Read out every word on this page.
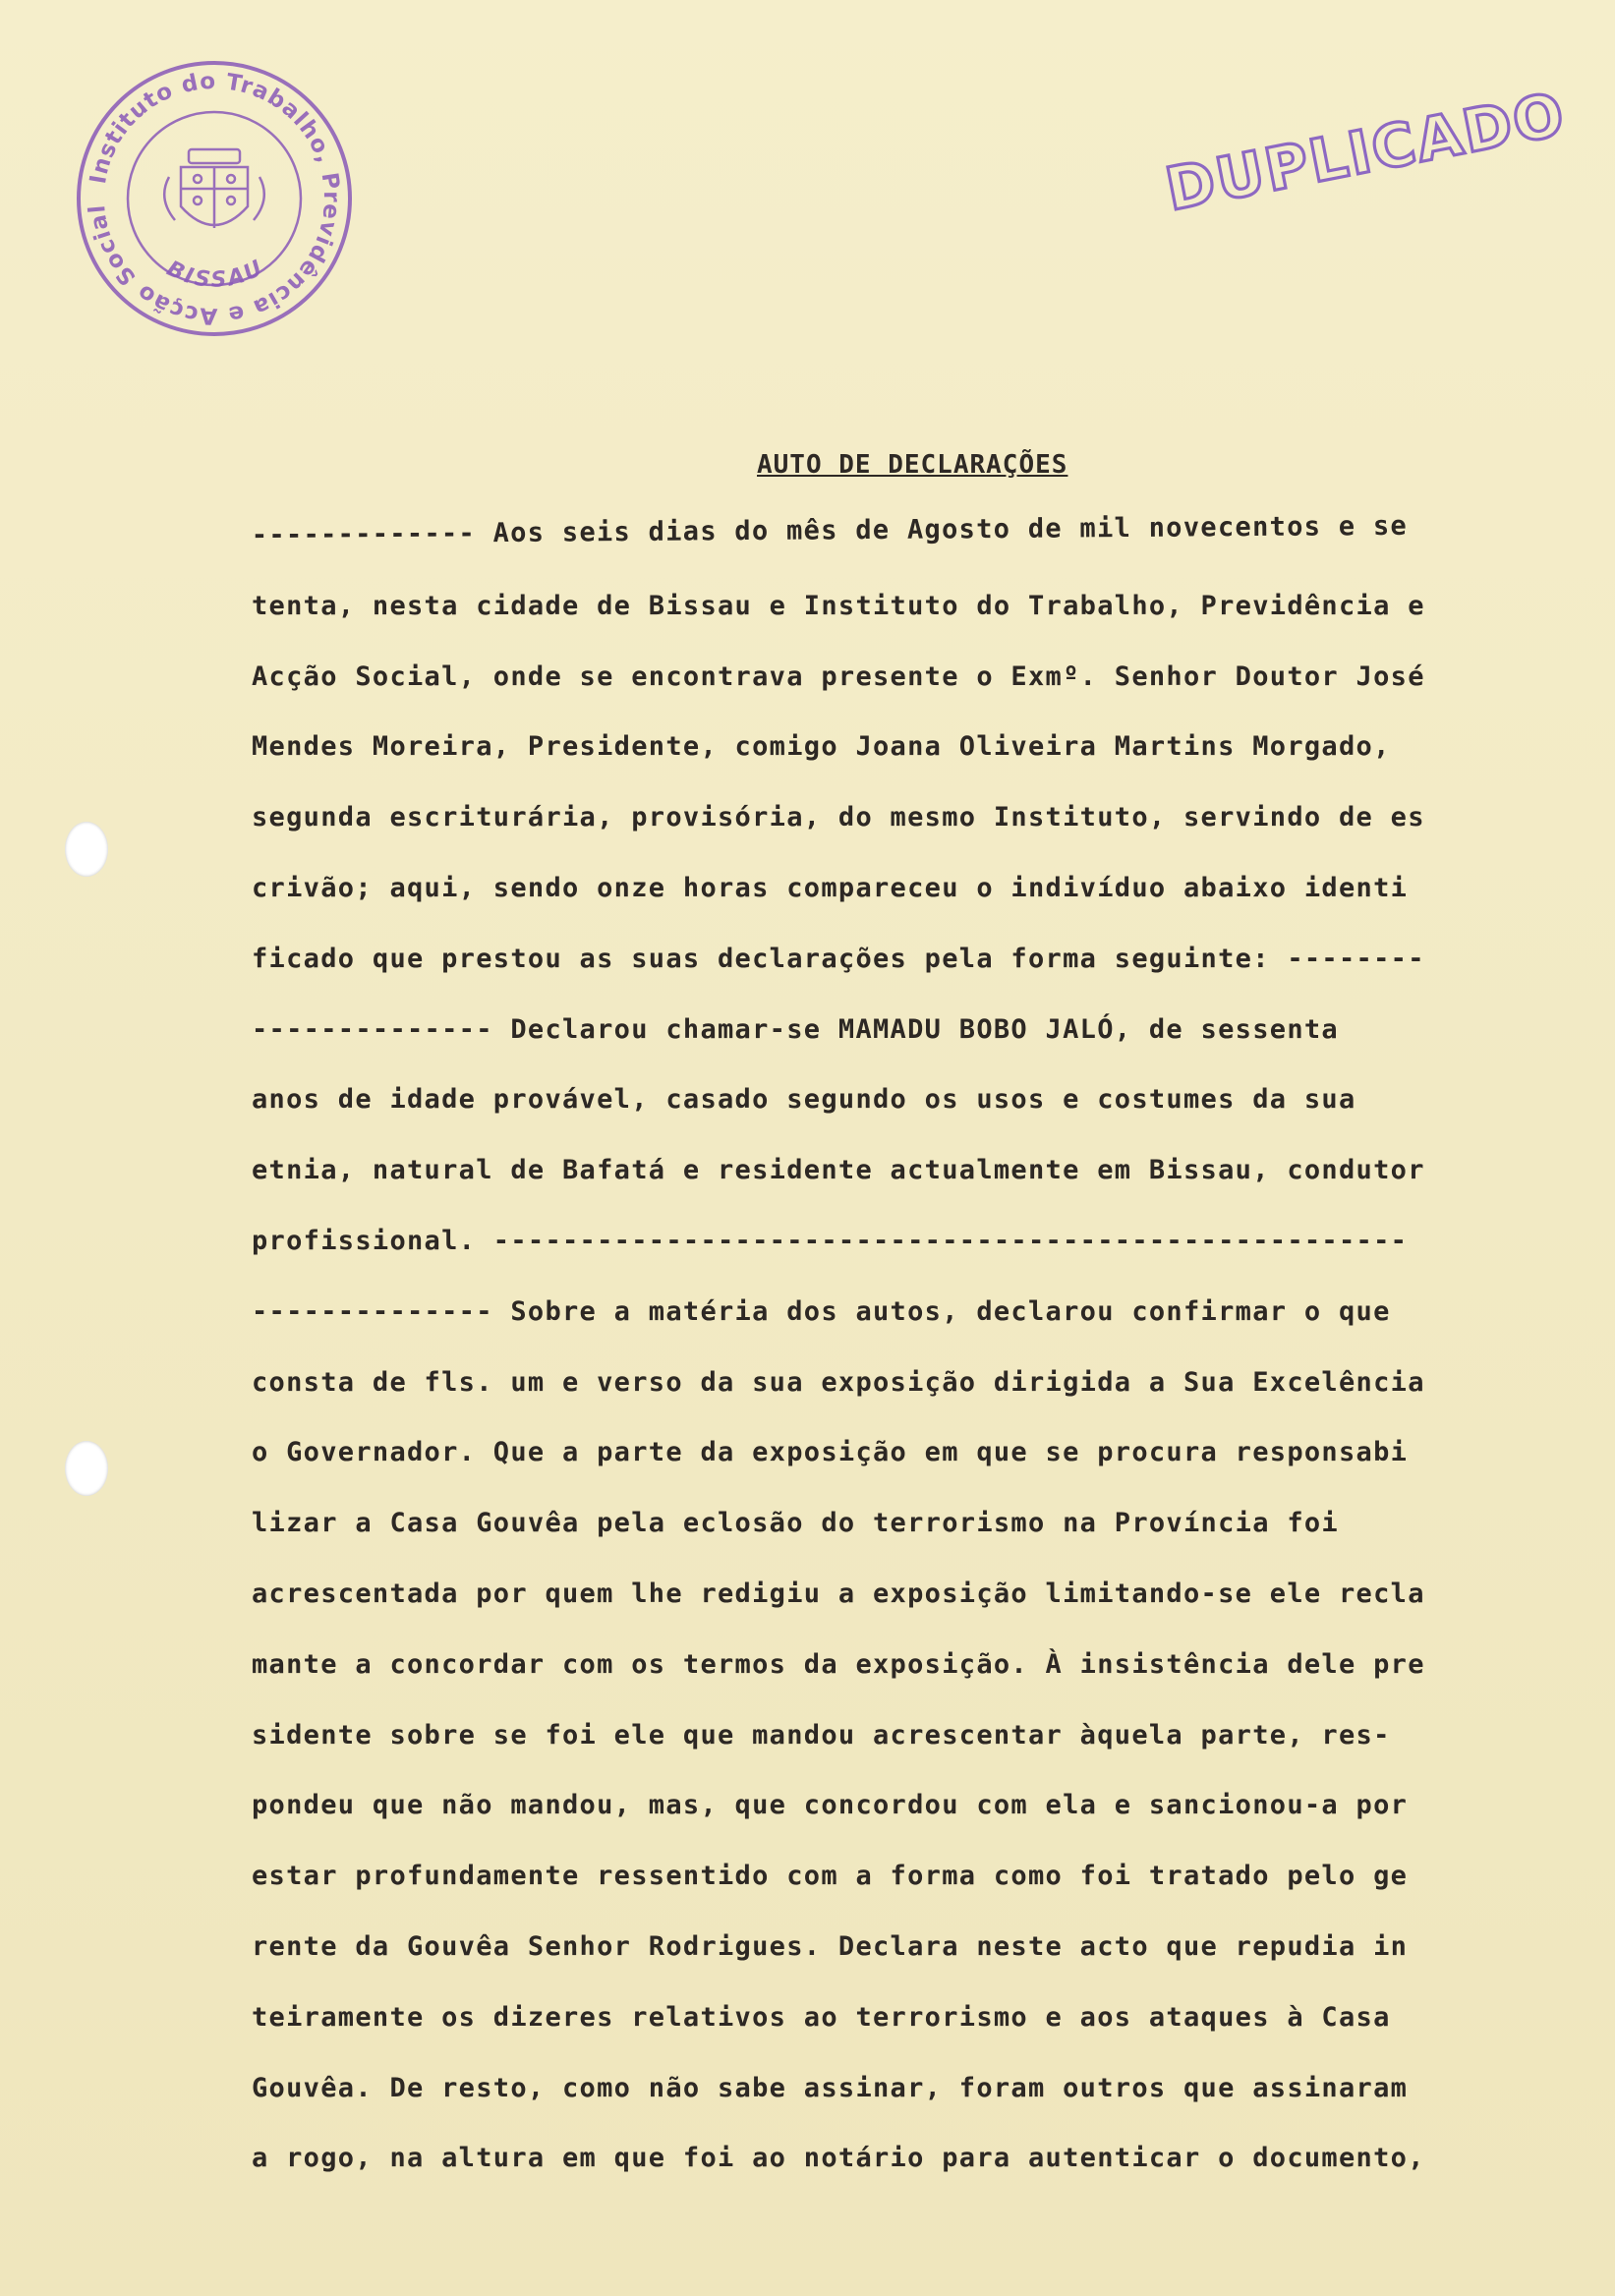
Instituto do Trabalho, Previdência e Acção Social
BISSAU
DUPLICADO
AUTO DE DECLARAÇÕES
------------- Aos seis dias do mês de Agosto de mil novecentos e se
tenta, nesta cidade de Bissau e Instituto do Trabalho, Previdência e
Acção Social, onde se encontrava presente o Exmº. Senhor Doutor José
Mendes Moreira, Presidente, comigo Joana Oliveira Martins Morgado,
segunda escriturária, provisória, do mesmo Instituto, servindo de es
crivão; aqui, sendo onze horas compareceu o indivíduo abaixo identi
ficado que prestou as suas declarações pela forma seguinte: --------
-------------- Declarou chamar-se MAMADU BOBO JALÓ, de sessenta
anos de idade provável, casado segundo os usos e costumes da sua
etnia, natural de Bafatá e residente actualmente em Bissau, condutor
profissional. -----------------------------------------------------
-------------- Sobre a matéria dos autos, declarou confirmar o que
consta de fls. um e verso da sua exposição dirigida a Sua Excelência
o Governador. Que a parte da exposição em que se procura responsabi
lizar a Casa Gouvêa pela eclosão do terrorismo na Província foi
acrescentada por quem lhe redigiu a exposição limitando-se ele recla
mante a concordar com os termos da exposição. À insistência dele pre
sidente sobre se foi ele que mandou acrescentar àquela parte, res-
pondeu que não mandou, mas, que concordou com ela e sancionou-a por
estar profundamente ressentido com a forma como foi tratado pelo ge
rente da Gouvêa Senhor Rodrigues. Declara neste acto que repudia in
teiramente os dizeres relativos ao terrorismo e aos ataques à Casa
Gouvêa. De resto, como não sabe assinar, foram outros que assinaram
a rogo, na altura em que foi ao notário para autenticar o documento,
